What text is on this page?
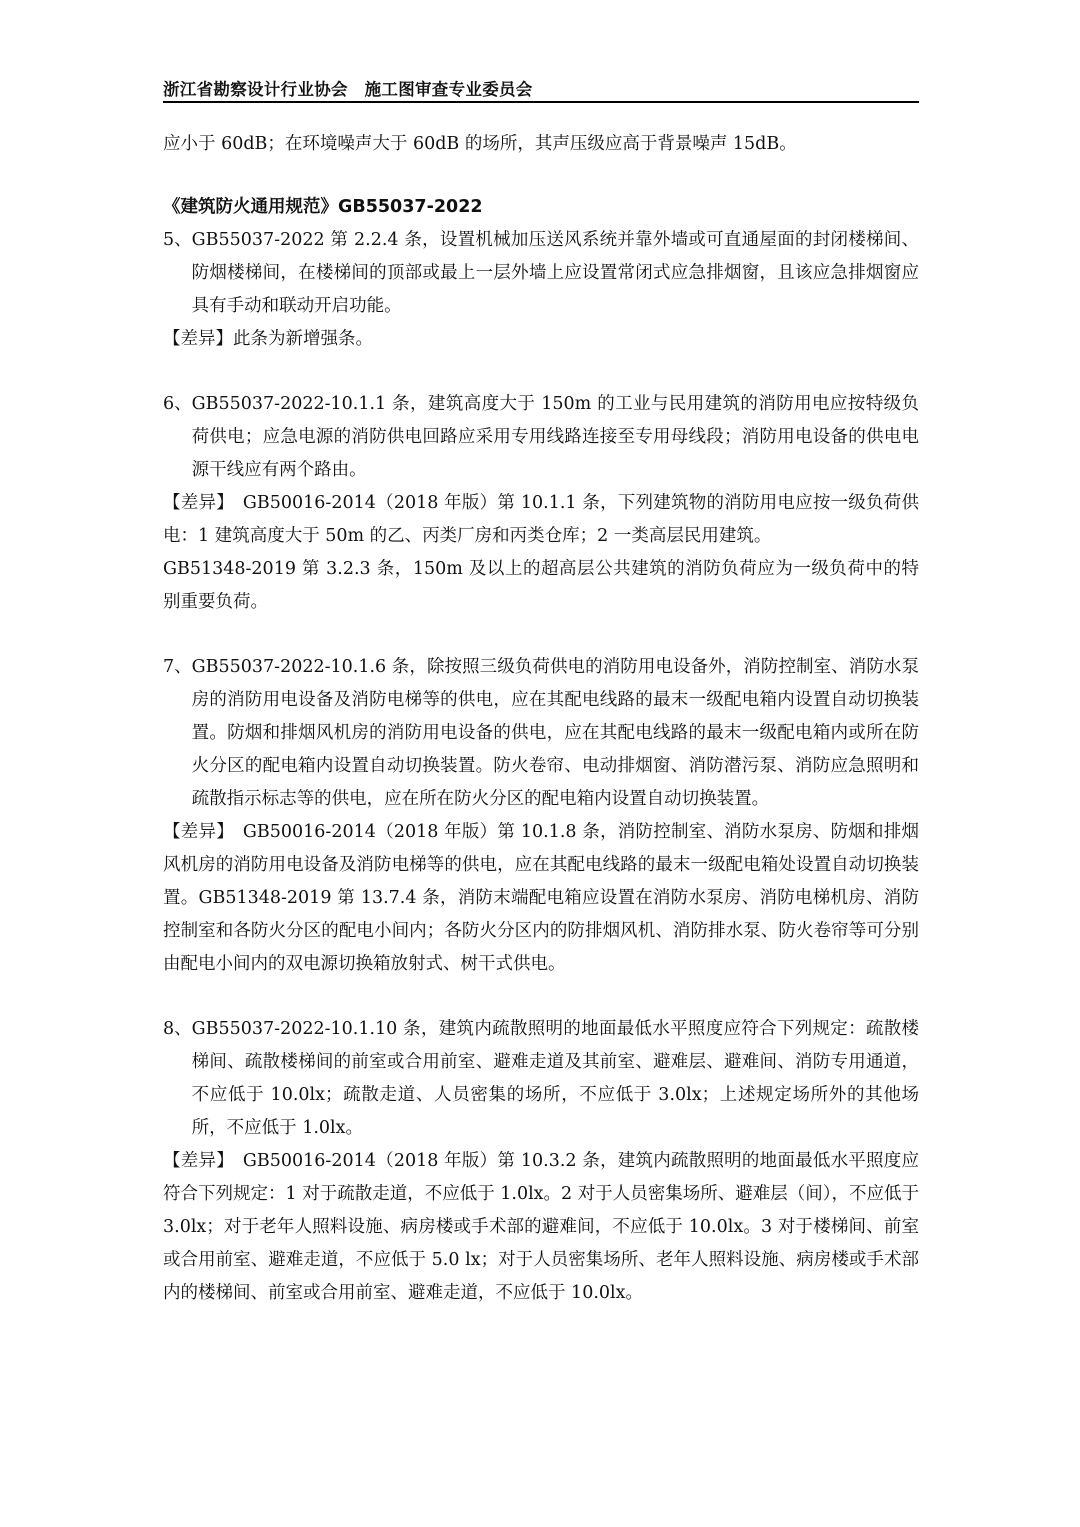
浙江省勘察设计行业协会　施工图审查专业委员会

应小于 60dB；在环境噪声大于 60dB 的场所，其声压级应高于背景噪声 15dB。

《建筑防火通用规范》GB55037-2022

5、 GB55037-2022 第 2.2.4 条，设置机械加压送风系统并靠外墙或可直通屋面的封闭楼梯间、防烟楼梯间，在楼梯间的顶部或最上一层外墙上应设置常闭式应急排烟窗，且该应急排烟窗应具有手动和联动开启功能。

【差异】此条为新增强条。

6、 GB55037-2022-10.1.1 条，建筑高度大于 150m 的工业与民用建筑的消防用电应按特级负荷供电；应急电源的消防供电回路应采用专用线路连接至专用母线段；消防用电设备的供电电源干线应有两个路由。

【差异】　GB50016-2014（2018 年版）第 10.1.1 条，下列建筑物的消防用电应按一级负荷供电：1 建筑高度大于 50m 的乙、丙类厂房和丙类仓库；2 一类高层民用建筑。

GB51348-2019 第 3.2.3 条，150m 及以上的超高层公共建筑的消防负荷应为一级负荷中的特别重要负荷。

7、 GB55037-2022-10.1.6 条，除按照三级负荷供电的消防用电设备外，消防控制室、消防水泵房的消防用电设备及消防电梯等的供电，应在其配电线路的最末一级配电箱内设置自动切换装置。防烟和排烟风机房的消防用电设备的供电，应在其配电线路的最末一级配电箱内或所在防火分区的配电箱内设置自动切换装置。防火卷帘、电动排烟窗、消防潜污泵、消防应急照明和疏散指示标志等的供电，应在所在防火分区的配电箱内设置自动切换装置。

【差异】　GB50016-2014（2018 年版）第 10.1.8 条，消防控制室、消防水泵房、防烟和排烟风机房的消防用电设备及消防电梯等的供电，应在其配电线路的最末一级配电箱处设置自动切换装置。GB51348-2019 第 13.7.4 条，消防末端配电箱应设置在消防水泵房、消防电梯机房、消防控制室和各防火分区的配电小间内；各防火分区内的防排烟风机、消防排水泵、防火卷帘等可分别由配电小间内的双电源切换箱放射式、树干式供电。

8、 GB55037-2022-10.1.10 条，建筑内疏散照明的地面最低水平照度应符合下列规定：疏散楼梯间、疏散楼梯间的前室或合用前室、避难走道及其前室、避难层、避难间、消防专用通道，不应低于 10.0lx；疏散走道、人员密集的场所，不应低于 3.0lx；上述规定场所外的其他场所，不应低于 1.0lx。

【差异】　GB50016-2014（2018 年版）第 10.3.2 条，建筑内疏散照明的地面最低水平照度应符合下列规定：1 对于疏散走道，不应低于 1.0lx。2 对于人员密集场所、避难层（间），不应低于 3.0lx；对于老年人照料设施、病房楼或手术部的避难间，不应低于 10.0lx。3 对于楼梯间、前室或合用前室、避难走道，不应低于 5.0 lx；对于人员密集场所、老年人照料设施、病房楼或手术部内的楼梯间、前室或合用前室、避难走道，不应低于 10.0lx。
